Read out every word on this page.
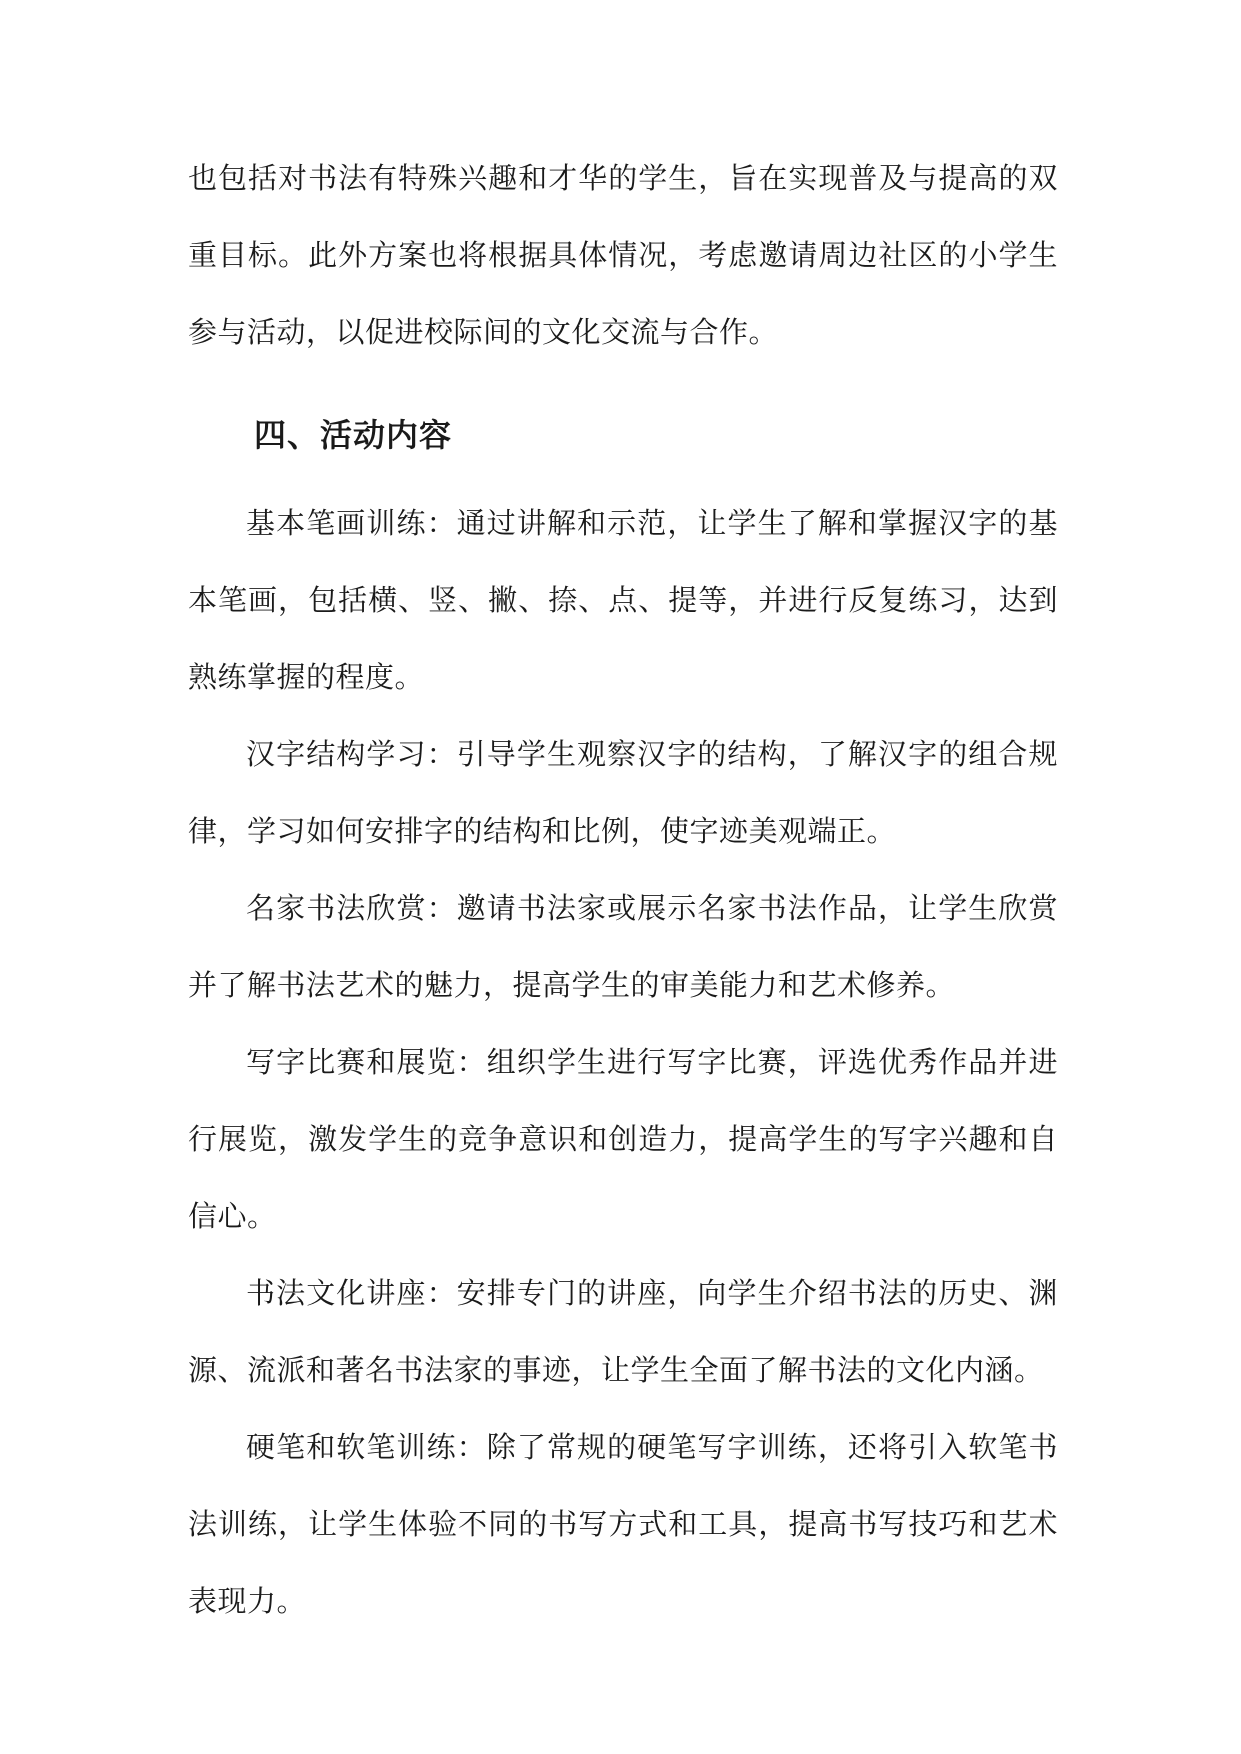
也包括对书法有特殊兴趣和才华的学生，旨在实现普及与提高的双重目标。此外方案也将根据具体情况，考虑邀请周边社区的小学生参与活动，以促进校际间的文化交流与合作。

四、活动内容

基本笔画训练：通过讲解和示范，让学生了解和掌握汉字的基本笔画，包括横、竖、撇、捺、点、提等，并进行反复练习，达到熟练掌握的程度。

汉字结构学习：引导学生观察汉字的结构，了解汉字的组合规律，学习如何安排字的结构和比例，使字迹美观端正。

名家书法欣赏：邀请书法家或展示名家书法作品，让学生欣赏并了解书法艺术的魅力，提高学生的审美能力和艺术修养。

写字比赛和展览：组织学生进行写字比赛，评选优秀作品并进行展览，激发学生的竞争意识和创造力，提高学生的写字兴趣和自信心。

书法文化讲座：安排专门的讲座，向学生介绍书法的历史、渊源、流派和著名书法家的事迹，让学生全面了解书法的文化内涵。

硬笔和软笔训练：除了常规的硬笔写字训练，还将引入软笔书法训练，让学生体验不同的书写方式和工具，提高书写技巧和艺术表现力。
